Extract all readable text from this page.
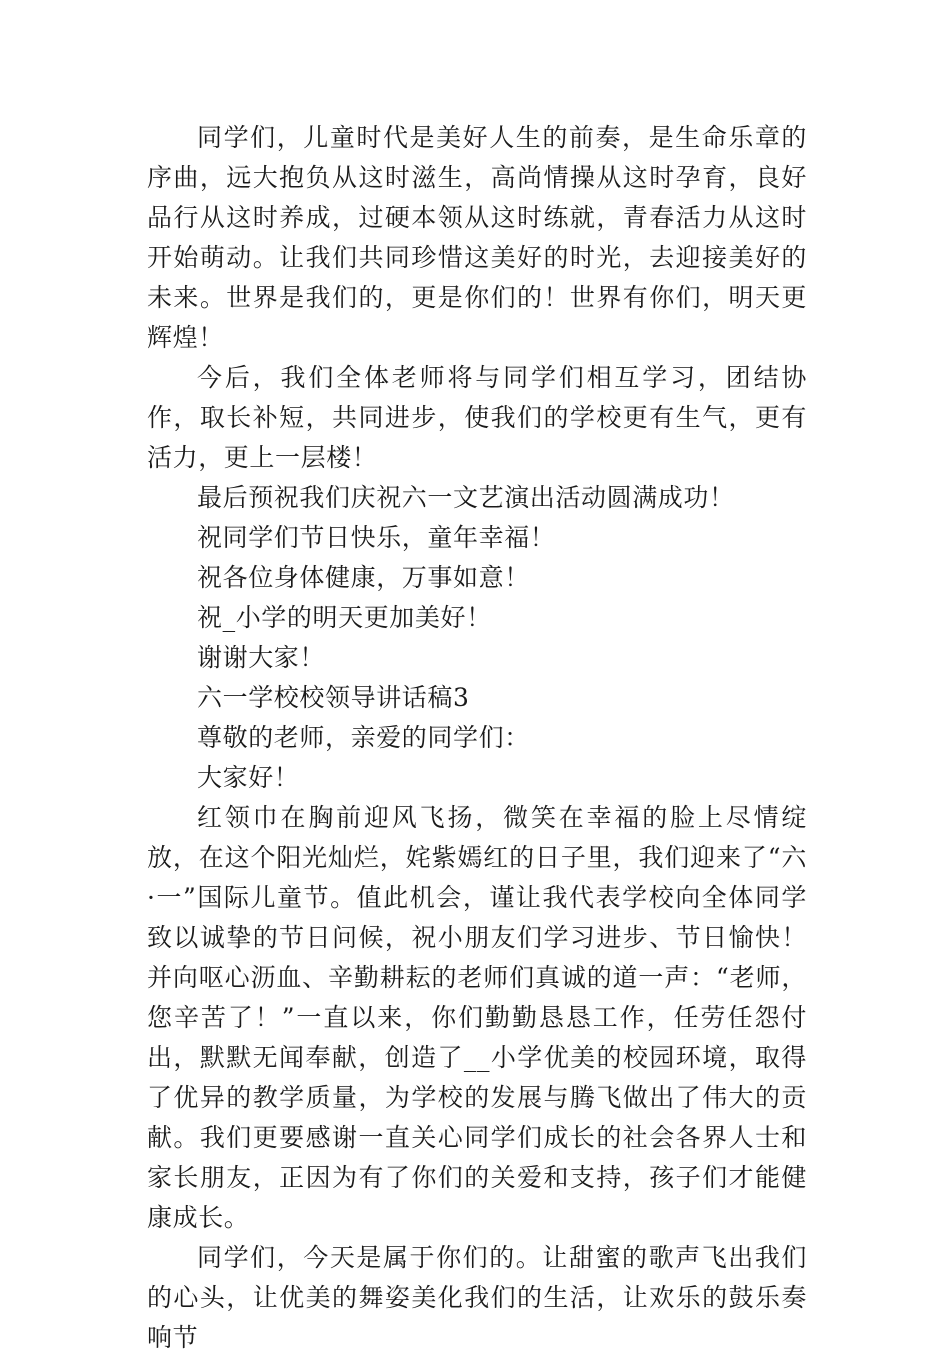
同学们，儿童时代是美好人生的前奏，是生命乐章的序曲，远大抱负从这时滋生，高尚情操从这时孕育，良好品行从这时养成，过硬本领从这时练就，青春活力从这时开始萌动。让我们共同珍惜这美好的时光，去迎接美好的未来。世界是我们的，更是你们的！世界有你们，明天更辉煌！

今后，我们全体老师将与同学们相互学习，团结协作，取长补短，共同进步，使我们的学校更有生气，更有活力，更上一层楼！

最后预祝我们庆祝六一文艺演出活动圆满成功！

祝同学们节日快乐，童年幸福！

祝各位身体健康，万事如意！

祝_小学的明天更加美好！

谢谢大家！

六一学校校领导讲话稿3

尊敬的老师，亲爱的同学们：

大家好！

红领巾在胸前迎风飞扬，微笑在幸福的脸上尽情绽放，在这个阳光灿烂，姹紫嫣红的日子里，我们迎来了“六·一”国际儿童节。值此机会，谨让我代表学校向全体同学致以诚挚的节日问候，祝小朋友们学习进步、节日愉快！并向呕心沥血、辛勤耕耘的老师们真诚的道一声：“老师，您辛苦了！”一直以来，你们勤勤恳恳工作，任劳任怨付出，默默无闻奉献，创造了__小学优美的校园环境，取得了优异的教学质量，为学校的发展与腾飞做出了伟大的贡献。我们更要感谢一直关心同学们成长的社会各界人士和家长朋友，正因为有了你们的关爱和支持，孩子们才能健康成长。

同学们，今天是属于你们的。让甜蜜的歌声飞出我们的心头，让优美的舞姿美化我们的生活，让欢乐的鼓乐奏响节
